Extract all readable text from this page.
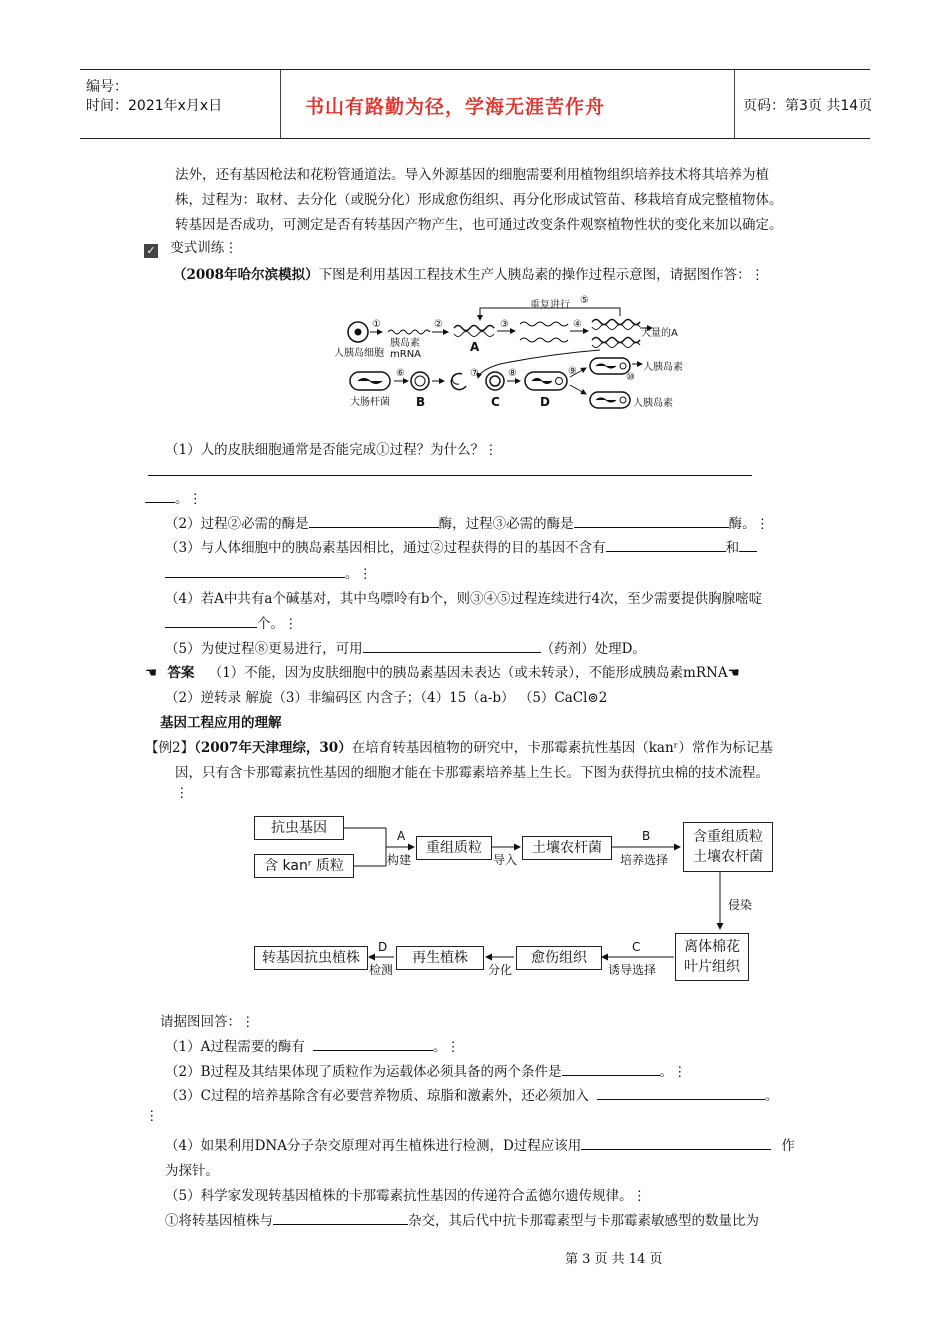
编号：
时间：2021年x月x日	书山有路勤为径，学海无涯苦作舟	页码：第3页 共14页
法外，还有基因枪法和花粉管通道法。导入外源基因的细胞需要利用植物组织培养技术将其培养为植
株，过程为：取材、去分化（或脱分化）形成愈伤组织、再分化形成试管苗、移栽培育成完整植物体。
转基因是否成功，可测定是否有转基因产物产生，也可通过改变条件观察植物性状的变化来加以确定。
✓ 变式训练⋮
（2008年哈尔滨模拟）下图是利用基因工程技术生产人胰岛素的操作过程示意图，请据图作答：⋮
重复进行 ⑤
①	②	③	④
人胰岛细胞
胰岛素
mRNA
A
大量的A
大肠杆菌
⑥
B
⑦
C
⑧
D
⑨
⑩
人胰岛素
人胰岛素
（1）人的皮肤细胞通常是否能完成①过程？为什么？⋮
。⋮
（2）过程②必需的酶是	酶，过程③必需的酶是	酶。⋮
（3）与人体细胞中的胰岛素基因相比，通过②过程获得的目的基因不含有	和
。⋮
（4）若A中共有a个碱基对，其中鸟嘌呤有b个，则③④⑤过程连续进行4次，至少需要提供胸腺嘧啶
个。⋮
（5）为使过程⑧更易进行，可用	（药剂）处理D。
☚ 答案 （1）不能，因为皮肤细胞中的胰岛素基因未表达（或未转录），不能形成胰岛素mRNA☚
（2）逆转录 解旋（3）非编码区 内含子；（4）15（a-b） （5）CaCl⊚2
基因工程应用的理解
【例2】（2007年天津理综，30）在培育转基因植物的研究中，卡那霉素抗性基因（kanʳ）常作为标记基
因，只有含卡那霉素抗性基因的细胞才能在卡那霉素培养基上生长。下图为获得抗虫棉的技术流程。
⋮
抗虫基因
含 kanʳ 质粒
A
构建
重组质粒
导入
土壤农杆菌
B
培养选择
含重组质粒
土壤农杆菌
侵染
离体棉花
叶片组织
C
诱导选择
愈伤组织
分化
再生植株
D
检测
转基因抗虫植株
请据图回答：⋮
（1）A过程需要的酶有	。⋮
（2）B过程及其结果体现了质粒作为运载体必须具备的两个条件是	。⋮
（3）C过程的培养基除含有必要营养物质、琼脂和激素外，还必须加入	。
⋮
（4）如果利用DNA分子杂交原理对再生植株进行检测，D过程应该用	作
为探针。
（5）科学家发现转基因植株的卡那霉素抗性基因的传递符合孟德尔遗传规律。⋮
①将转基因植株与	杂交，其后代中抗卡那霉素型与卡那霉素敏感型的数量比为
第 3 页 共 14 页
